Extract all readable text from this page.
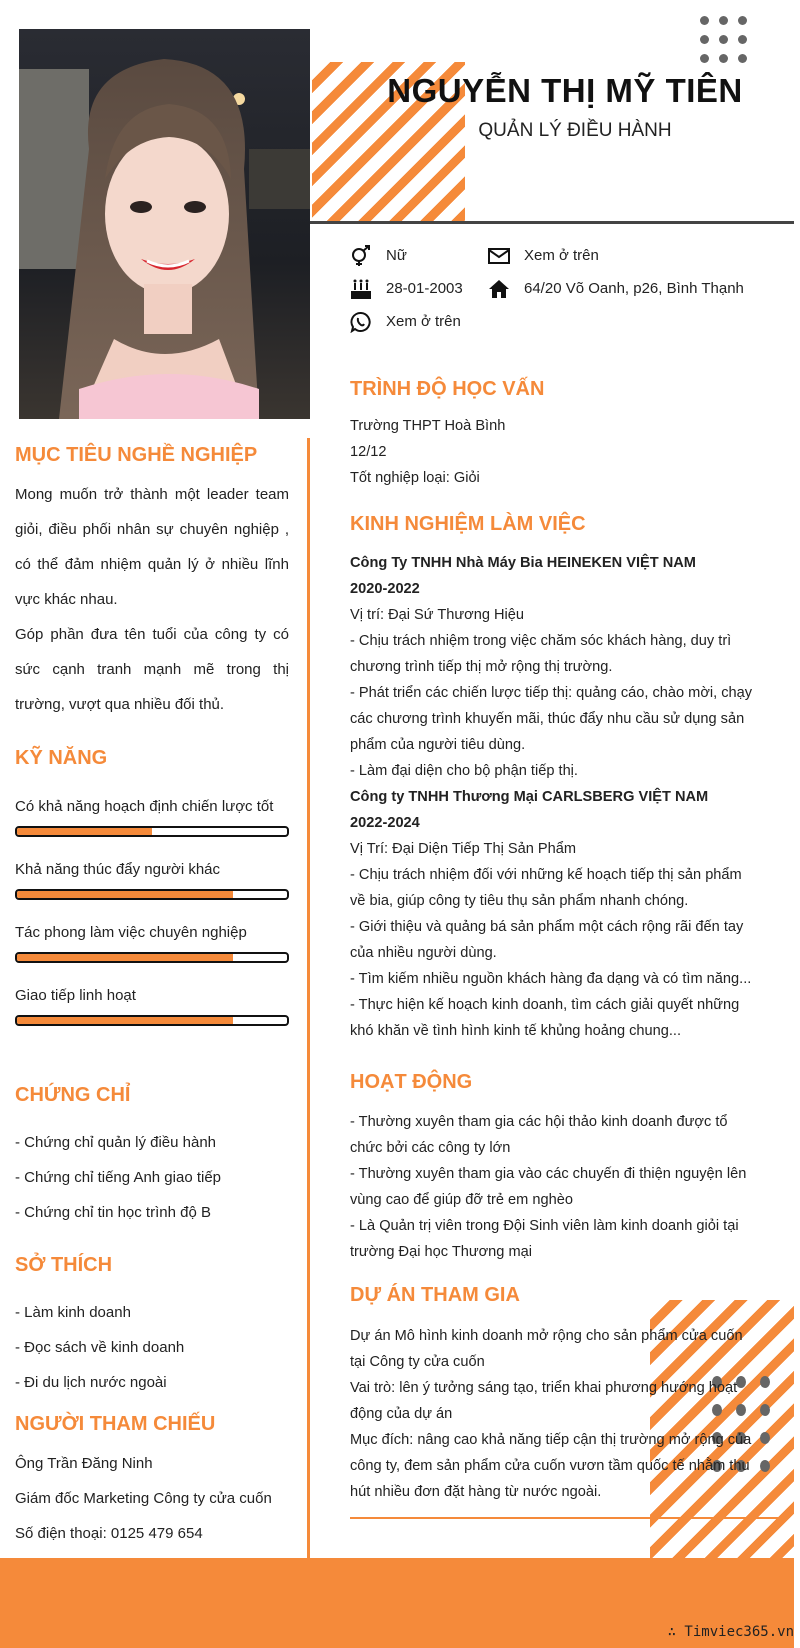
NGUYỄN THỊ MỸ TIÊN
QUẢN LÝ ĐIỀU HÀNH
Nữ	Xem ở trên
28-01-2003	64/20 Võ Oanh, p26, Bình Thạnh
Xem ở trên
MỤC TIÊU NGHỀ NGHIỆP
Mong muốn trở thành một leader team giỏi, điều phối nhân sự chuyên nghiệp , có thể đảm nhiệm quản lý ở nhiều lĩnh vực khác nhau.
Góp phần đưa tên tuổi của công ty có sức cạnh tranh mạnh mẽ trong thị trường, vượt qua nhiều đối thủ.
KỸ NĂNG
Có khả năng hoạch định chiến lược tốt
Khả năng thúc đẩy người khác
Tác phong làm việc chuyên nghiệp
Giao tiếp linh hoạt
CHỨNG CHỈ
- Chứng chỉ quản lý điều hành
- Chứng chỉ tiếng Anh giao tiếp
- Chứng chỉ tin học trình độ B
SỞ THÍCH
- Làm kinh doanh
- Đọc sách về kinh doanh
- Đi du lịch nước ngoài
NGƯỜI THAM CHIẾU
Ông Trần Đăng Ninh
Giám đốc Marketing Công ty cửa cuốn
Số điện thoại: 0125 479 654
TRÌNH ĐỘ HỌC VẤN
Trường THPT Hoà Bình
12/12
Tốt nghiệp loại: Giỏi
KINH NGHIỆM LÀM VIỆC
Công Ty TNHH Nhà Máy Bia HEINEKEN VIỆT NAM
2020-2022
Vị trí: Đại Sứ Thương Hiệu
- Chịu trách nhiệm trong việc chăm sóc khách hàng, duy trì
chương trình tiếp thị mở rộng thị trường.
- Phát triển các chiến lược tiếp thị: quảng cáo, chào mời, chạy
các chương trình khuyến mãi, thúc đẩy nhu cầu sử dụng sản
phẩm của người tiêu dùng.
- Làm đại diện cho bộ phận tiếp thị.
Công ty TNHH Thương Mại CARLSBERG VIỆT NAM
2022-2024
Vị Trí: Đại Diện Tiếp Thị Sản Phẩm
- Chịu trách nhiệm đối với những kế hoạch tiếp thị sản phẩm
về bia, giúp công ty tiêu thụ sản phẩm nhanh chóng.
- Giới thiệu và quảng bá sản phẩm một cách rộng rãi đến tay
của nhiều người dùng.
- Tìm kiếm nhiều nguồn khách hàng đa dạng và có tìm năng...
- Thực hiện kế hoạch kinh doanh, tìm cách giải quyết những
khó khăn về tình hình kinh tế khủng hoảng chung...
HOẠT ĐỘNG
- Thường xuyên tham gia các hội thảo kinh doanh được tổ
chức bởi các công ty lớn
- Thường xuyên tham gia vào các chuyến đi thiện nguyện lên
vùng cao để giúp đỡ trẻ em nghèo
- Là Quản trị viên trong Đội Sinh viên làm kinh doanh giỏi tại
trường Đại học Thương mại
DỰ ÁN THAM GIA
Dự án Mô hình kinh doanh mở rộng cho sản phẩm cửa cuốn
tại Công ty cửa cuốn
Vai trò: lên ý tưởng sáng tạo, triển khai phương hướng hoạt
động của dự án
Mục đích: nâng cao khả năng tiếp cận thị trường mở rộng của
công ty, đem sản phẩm cửa cuốn vươn tầm quốc tế nhằm thu
hút nhiều đơn đặt hàng từ nước ngoài.
∴ Timviec365.vn
